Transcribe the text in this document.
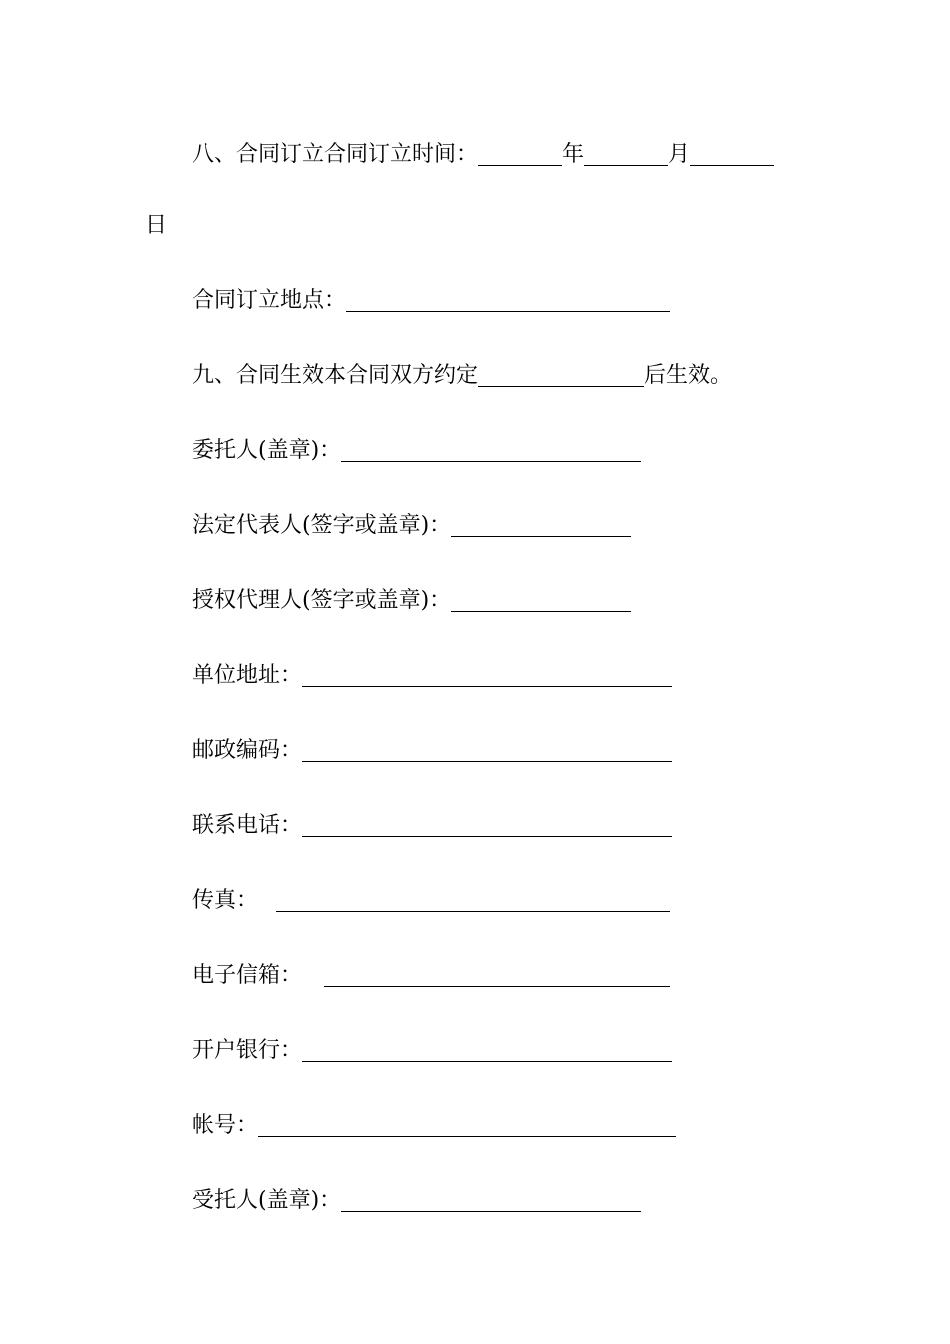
八、合同订立合同订立时间：	年	月
日
合同订立地点：
九、合同生效本合同双方约定	后生效。
委托人(盖章)：
法定代表人(签字或盖章)：
授权代理人(签字或盖章)：
单位地址：
邮政编码：
联系电话：
传真：
电子信箱：
开户银行：
帐号：
受托人(盖章)：
